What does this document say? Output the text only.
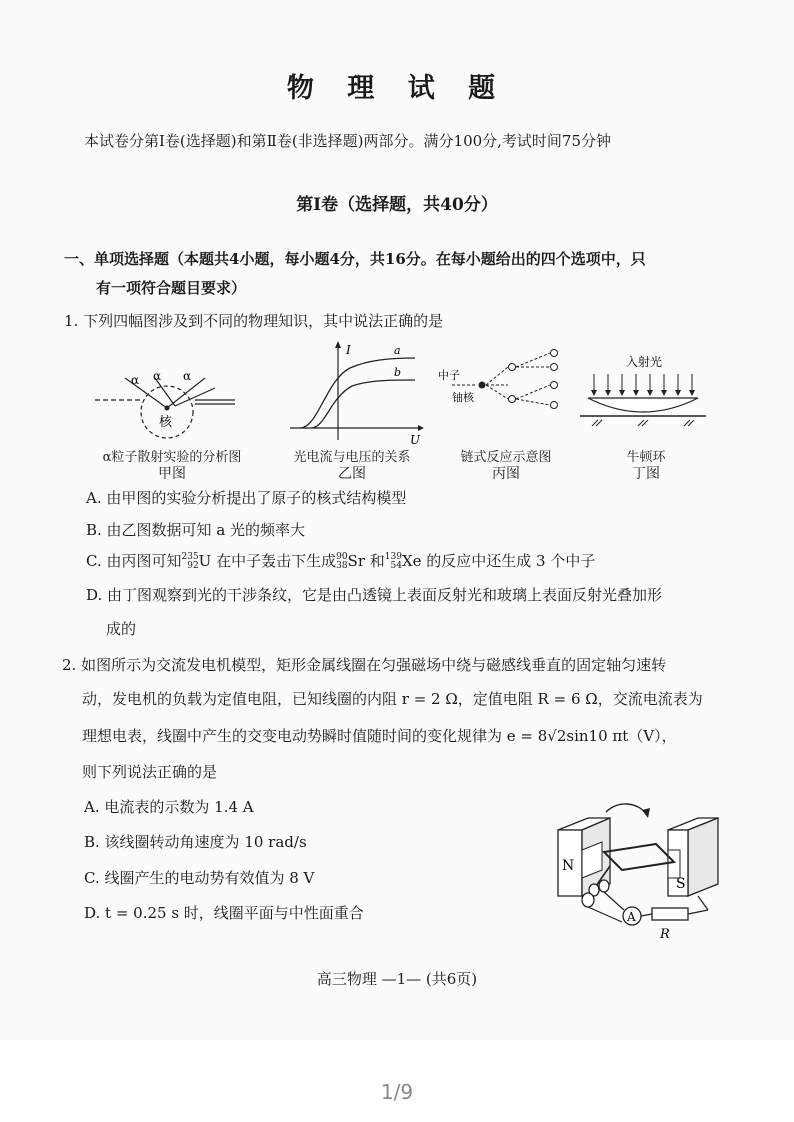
物 理 试 题
本试卷分第Ⅰ卷(选择题)和第Ⅱ卷(非选择题)两部分。满分100分,考试时间75分钟
第Ⅰ卷（选择题，共40分）
一、单项选择题（本题共4小题，每小题4分，共16分。在每小题给出的四个选项中，只
有一项符合题目要求）
1. 下列四幅图涉及到不同的物理知识，其中说法正确的是
α α α
核
α粒子散射实验的分析图
甲图
I	a
b
U
光电流与电压的关系
乙图
中子
铀核
链式反应示意图
丙图
入射光
牛顿环
丁图
A. 由甲图的实验分析提出了原子的核式结构模型
B. 由乙图数据可知 a 光的频率大
C. 由丙图可知235
92U 在中子轰击下生成90
38Sr 和139
54Xe 的反应中还生成 3 个中子
D. 由丁图观察到光的干涉条纹，它是由凸透镜上表面反射光和玻璃上表面反射光叠加形
成的
2. 如图所示为交流发电机模型，矩形金属线圈在匀强磁场中绕与磁感线垂直的固定轴匀速转
动，发电机的负载为定值电阻，已知线圈的内阻 r = 2 Ω，定值电阻 R = 6 Ω，交流电流表为
理想电表，线圈中产生的交变电动势瞬时值随时间的变化规律为 e = 8√2sin10 πt（V），
则下列说法正确的是
A. 电流表的示数为 1.4 A
B. 该线圈转动角速度为 10 rad/s
C. 线圈产生的电动势有效值为 8 V
D. t = 0.25 s 时，线圈平面与中性面重合
N
S
A
R
高三物理 —1— (共6页)
1/9
